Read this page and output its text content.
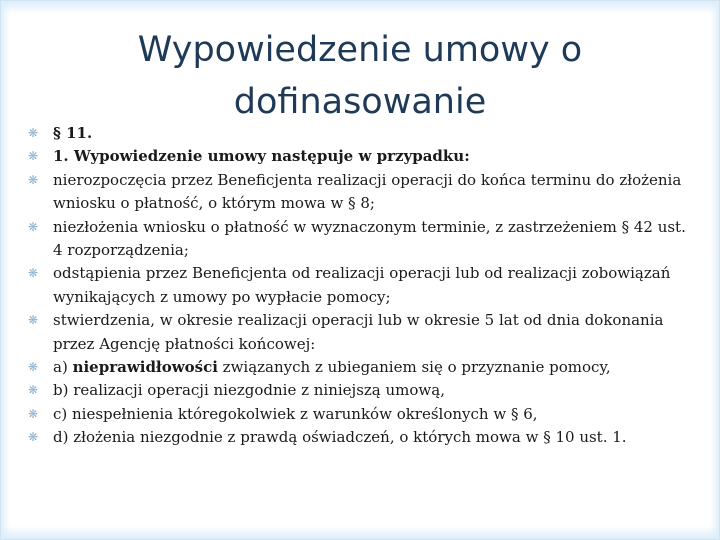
Wypowiedzenie umowy o dofinasowanie
❋ § 11.
❋ 1. Wypowiedzenie umowy następuje w przypadku:
❋ nierozpoczęcia przez Beneficjenta realizacji operacji do końca terminu do złożenia wniosku o płatność, o którym mowa w § 8;
❋ niezłożenia wniosku o płatność w wyznaczonym terminie, z zastrzeżeniem § 42 ust. 4 rozporządzenia;
❋ odstąpienia przez Beneficjenta od realizacji operacji lub od realizacji zobowiązań wynikających z umowy po wypłacie pomocy;
❋ stwierdzenia, w okresie realizacji operacji lub w okresie 5 lat od dnia dokonania przez Agencję płatności końcowej:
❋ a) nieprawidłowości związanych z ubieganiem się o przyznanie pomocy,
❋ b) realizacji operacji niezgodnie z niniejszą umową,
❋ c) niespełnienia któregokolwiek z warunków określonych w § 6,
❋ d) złożenia niezgodnie z prawdą oświadczeń, o których mowa w § 10 ust. 1.
